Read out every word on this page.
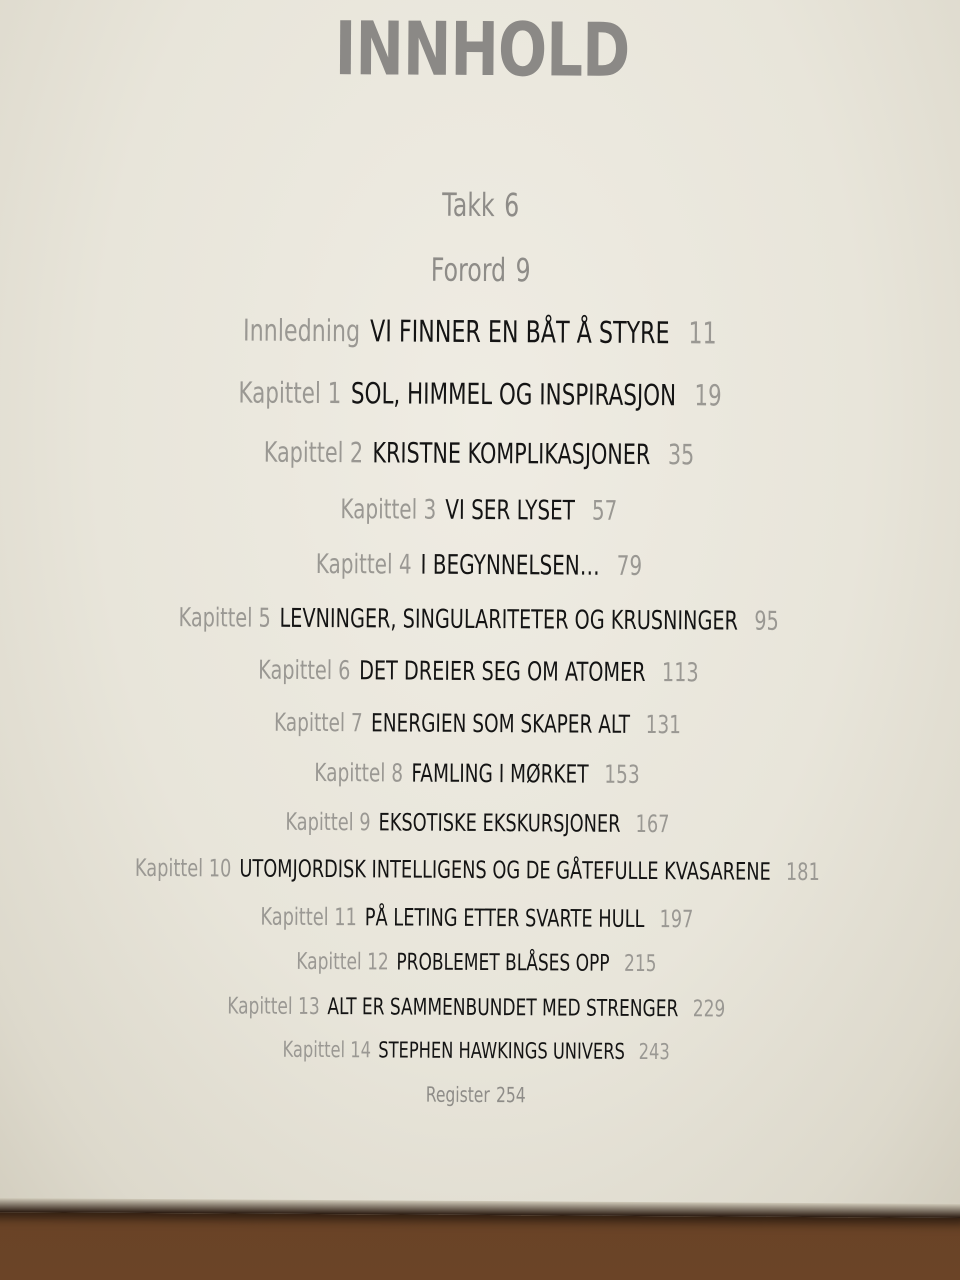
INNHOLD
Takk 6
Forord 9
Innledning VI FINNER EN BÅT Å STYRE 11
Kapittel 1 SOL, HIMMEL OG INSPIRASJON 19
Kapittel 2 KRISTNE KOMPLIKASJONER 35
Kapittel 3 VI SER LYSET 57
Kapittel 4 I BEGYNNELSEN… 79
Kapittel 5 LEVNINGER, SINGULARITETER OG KRUSNINGER 95
Kapittel 6 DET DREIER SEG OM ATOMER 113
Kapittel 7 ENERGIEN SOM SKAPER ALT 131
Kapittel 8 FAMLING I MØRKET 153
Kapittel 9 EKSOTISKE EKSKURSJONER 167
Kapittel 10 UTOMJORDISK INTELLIGENS OG DE GÅTEFULLE KVASARENE 181
Kapittel 11 PÅ LETING ETTER SVARTE HULL 197
Kapittel 12 PROBLEMET BLÅSES OPP 215
Kapittel 13 ALT ER SAMMENBUNDET MED STRENGER 229
Kapittel 14 STEPHEN HAWKINGS UNIVERS 243
Register 254
